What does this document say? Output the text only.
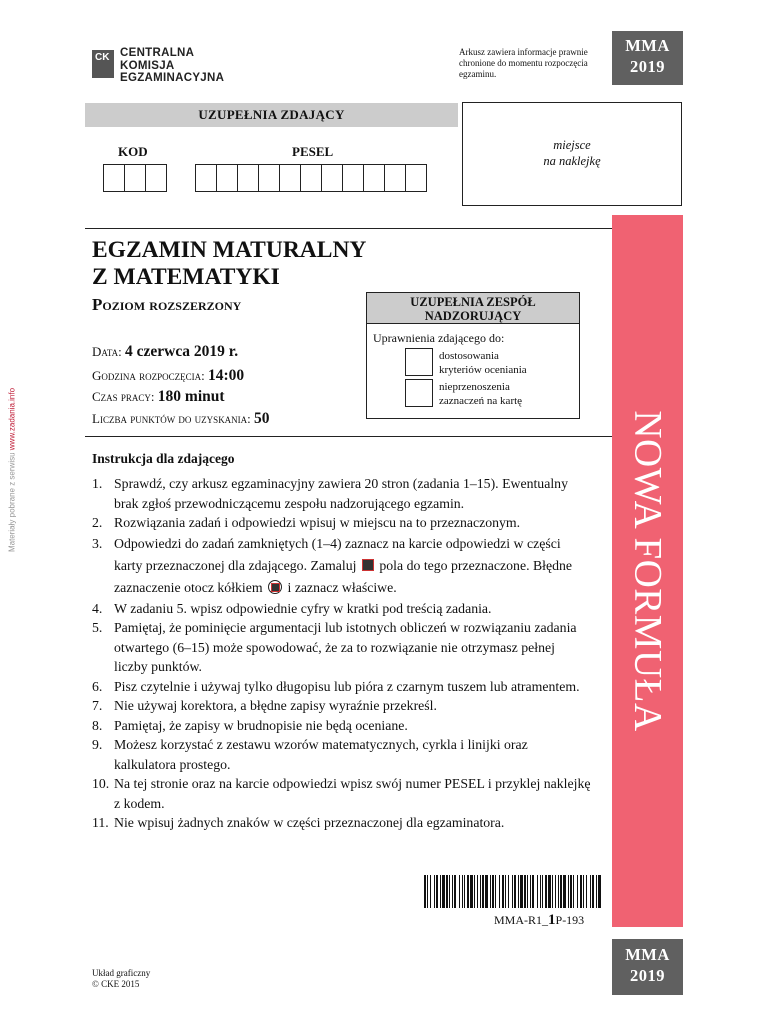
CK CENTRALNA
KOMISJA
EGZAMINACYJNA
Arkusz zawiera informacje prawnie chronione do momentu rozpoczęcia egzaminu.
MMA
2019
UZUPEŁNIA ZDAJĄCY
KOD	PESEL	miejsce
na naklejkę
NOWA FORMUŁA
EGZAMIN MATURALNY
Z MATEMATYKI
Poziom rozszerzony
Data: 4 czerwca 2019 r.
Godzina rozpoczęcia: 14:00
Czas pracy: 180 minut
Liczba punktów do uzyskania: 50
UZUPEŁNIA ZESPÓŁ
NADZORUJĄCY
Uprawnienia zdającego do:
dostosowania
kryteriów oceniania
nieprzenoszenia
zaznaczeń na kartę
Materiały pobrane z serwisu www.zadania.info
Instrukcja dla zdającego
1. Sprawdź, czy arkusz egzaminacyjny zawiera 20 stron (zadania 1–15). Ewentualny brak zgłoś przewodniczącemu zespołu nadzorującego egzamin.
2. Rozwiązania zadań i odpowiedzi wpisuj w miejscu na to przeznaczonym.
3. Odpowiedzi do zadań zamkniętych (1–4) zaznacz na karcie odpowiedzi w części karty przeznaczonej dla zdającego. Zamaluj pola do tego przeznaczone. Błędne zaznaczenie otocz kółkiem i zaznacz właściwe.
4. W zadaniu 5. wpisz odpowiednie cyfry w kratki pod treścią zadania.
5. Pamiętaj, że pominięcie argumentacji lub istotnych obliczeń w rozwiązaniu zadania otwartego (6–15) może spowodować, że za to rozwiązanie nie otrzymasz pełnej liczby punktów.
6. Pisz czytelnie i używaj tylko długopisu lub pióra z czarnym tuszem lub atramentem.
7. Nie używaj korektora, a błędne zapisy wyraźnie przekreśl.
8. Pamiętaj, że zapisy w brudnopisie nie będą oceniane.
9. Możesz korzystać z zestawu wzorów matematycznych, cyrkla i linijki oraz kalkulatora prostego.
10. Na tej stronie oraz na karcie odpowiedzi wpisz swój numer PESEL i przyklej naklejkę z kodem.
11. Nie wpisuj żadnych znaków w części przeznaczonej dla egzaminatora.
MMA-R1_1P-193
MMA
2019
Układ graficzny
© CKE 2015
